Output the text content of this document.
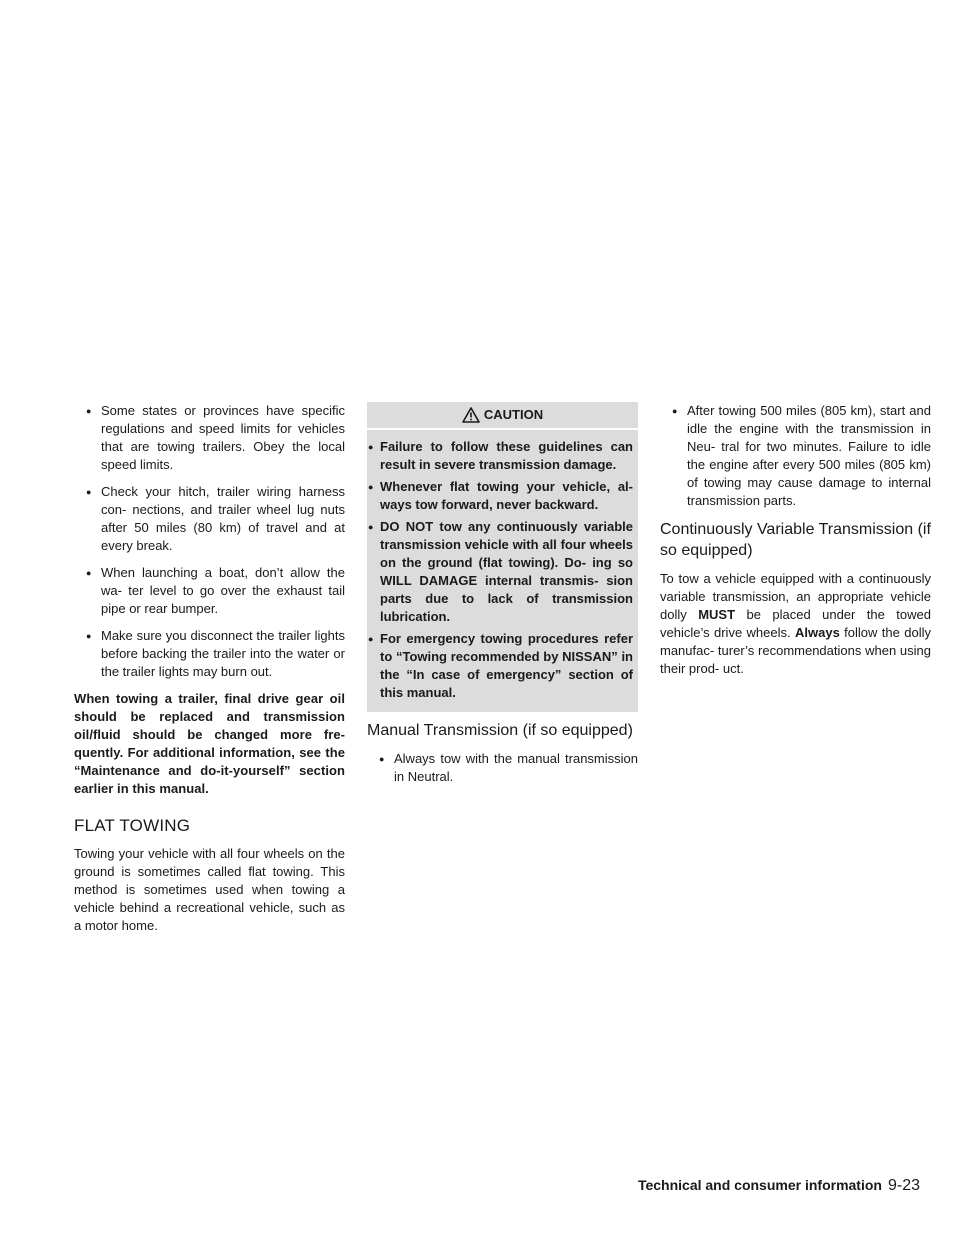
● Some states or provinces have specific regulations and speed limits for vehicles that are towing trailers. Obey the local speed limits.
● Check your hitch, trailer wiring harness con- nections, and trailer wheel lug nuts after 50 miles (80 km) of travel and at every break.
● When launching a boat, don’t allow the wa- ter level to go over the exhaust tail pipe or rear bumper.
● Make sure you disconnect the trailer lights before backing the trailer into the water or the trailer lights may burn out.

When towing a trailer, final drive gear oil should be replaced and transmission oil/fluid should be changed more fre- quently. For additional information, see the “Maintenance and do-it-yourself” section earlier in this manual.

FLAT TOWING

Towing your vehicle with all four wheels on the ground is sometimes called flat towing. This method is sometimes used when towing a vehicle behind a recreational vehicle, such as a motor home.

CAUTION
● Failure to follow these guidelines can result in severe transmission damage.
● Whenever flat towing your vehicle, al- ways tow forward, never backward.
● DO NOT tow any continuously variable transmission vehicle with all four wheels on the ground (flat towing). Do- ing so WILL DAMAGE internal transmis- sion parts due to lack of transmission lubrication.
● For emergency towing procedures refer to “Towing recommended by NISSAN” in the “In case of emergency” section of this manual.
Manual Transmission (if so equipped)
● Always tow with the manual transmission in Neutral.
● After towing 500 miles (805 km), start and idle the engine with the transmission in Neu- tral for two minutes. Failure to idle the engine after every 500 miles (805 km) of towing may cause damage to internal transmission parts.
Continuously Variable Transmission (if so equipped)

To tow a vehicle equipped with a continuously variable transmission, an appropriate vehicle dolly MUST be placed under the towed vehicle’s drive wheels. Always follow the dolly manufac- turer’s recommendations when using their prod- uct.

Technical and consumer information 9-23
